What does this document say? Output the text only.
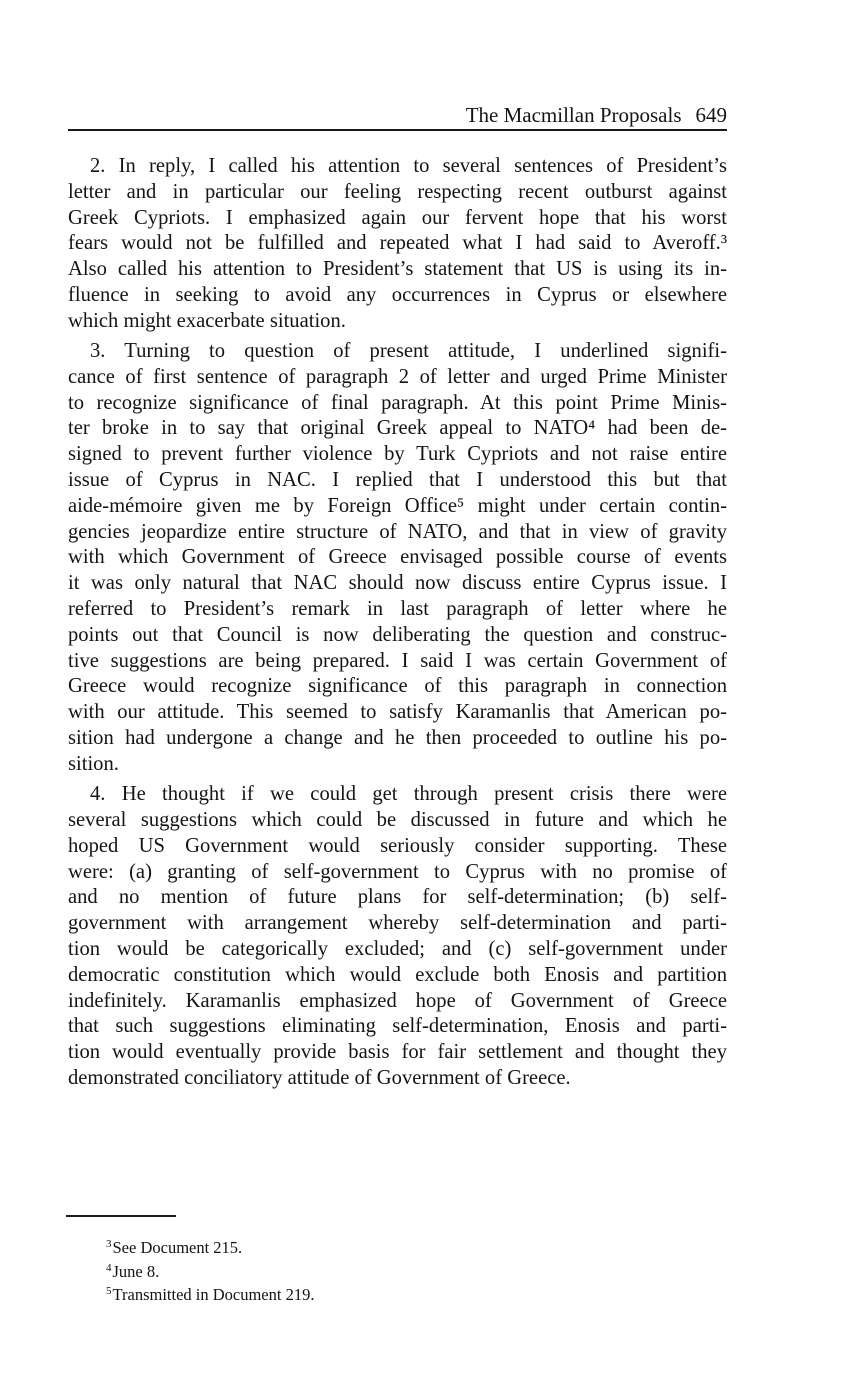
The Macmillan Proposals 649
2. In reply, I called his attention to several sentences of President’s
letter and in particular our feeling respecting recent outburst against
Greek Cypriots. I emphasized again our fervent hope that his worst
fears would not be fulfilled and repeated what I had said to Averoff.³
Also called his attention to President’s statement that US is using its in-
fluence in seeking to avoid any occurrences in Cyprus or elsewhere
which might exacerbate situation.
3. Turning to question of present attitude, I underlined signifi-
cance of first sentence of paragraph 2 of letter and urged Prime Minister
to recognize significance of final paragraph. At this point Prime Minis-
ter broke in to say that original Greek appeal to NATO⁴ had been de-
signed to prevent further violence by Turk Cypriots and not raise entire
issue of Cyprus in NAC. I replied that I understood this but that
aide-mémoire given me by Foreign Office⁵ might under certain contin-
gencies jeopardize entire structure of NATO, and that in view of gravity
with which Government of Greece envisaged possible course of events
it was only natural that NAC should now discuss entire Cyprus issue. I
referred to President’s remark in last paragraph of letter where he
points out that Council is now deliberating the question and construc-
tive suggestions are being prepared. I said I was certain Government of
Greece would recognize significance of this paragraph in connection
with our attitude. This seemed to satisfy Karamanlis that American po-
sition had undergone a change and he then proceeded to outline his po-
sition.
4. He thought if we could get through present crisis there were
several suggestions which could be discussed in future and which he
hoped US Government would seriously consider supporting. These
were: (a) granting of self-government to Cyprus with no promise of
and no mention of future plans for self-determination; (b) self-
government with arrangement whereby self-determination and parti-
tion would be categorically excluded; and (c) self-government under
democratic constitution which would exclude both Enosis and partition
indefinitely. Karamanlis emphasized hope of Government of Greece
that such suggestions eliminating self-determination, Enosis and parti-
tion would eventually provide basis for fair settlement and thought they
demonstrated conciliatory attitude of Government of Greece.
$^3$See Document 215.
$^4$June 8.
$^5$Transmitted in Document 219.
